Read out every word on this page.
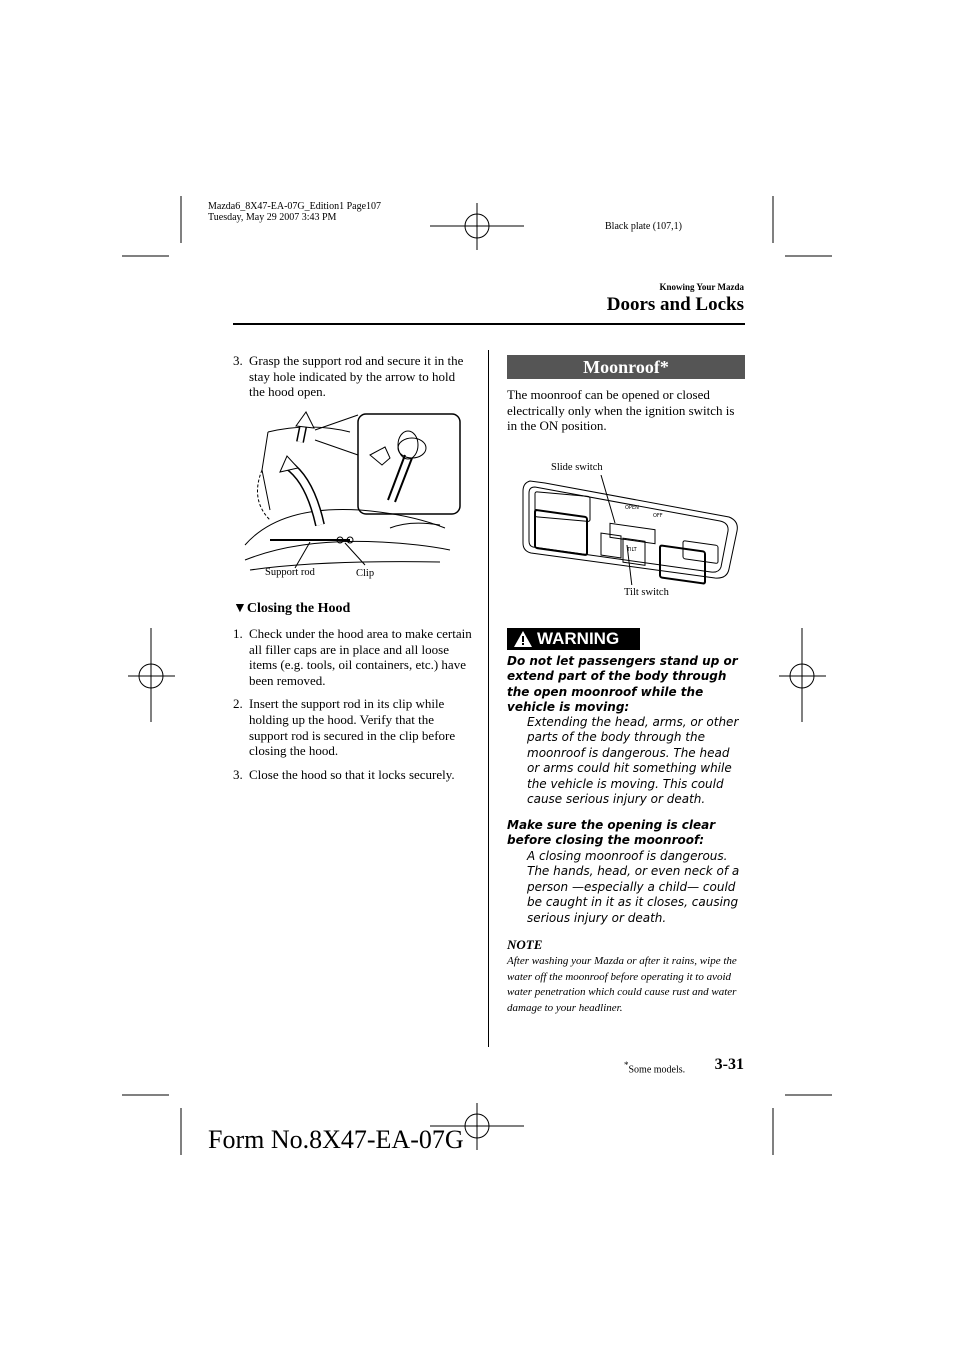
Mazda6_8X47-EA-07G_Edition1 Page107
Tuesday, May 29 2007 3:43 PM
Black plate (107,1)
Knowing Your Mazda
Doors and Locks
3. Grasp the support rod and secure it in the stay hole indicated by the arrow to hold the hood open.
Support rod	Clip
▼Closing the Hood
1. Check under the hood area to make certain all filler caps are in place and all loose items (e.g. tools, oil containers, etc.) have been removed.
2. Insert the support rod in its clip while holding up the hood. Verify that the support rod is secured in the clip before closing the hood.
3. Close the hood so that it locks securely.
Moonroof*
The moonroof can be opened or closed electrically only when the ignition switch is in the ON position.
Slide switch
OPEN
OFF
TILT
Tilt switch
WARNING
Do not let passengers stand up or extend part of the body through the open moonroof while the vehicle is moving:
Extending the head, arms, or other parts of the body through the moonroof is dangerous. The head or arms could hit something while the vehicle is moving. This could cause serious injury or death.
Make sure the opening is clear before closing the moonroof:
A closing moonroof is dangerous. The hands, head, or even neck of a person —especially a child— could be caught in it as it closes, causing serious injury or death.
NOTE
After washing your Mazda or after it rains, wipe the water off the moonroof before operating it to avoid water penetration which could cause rust and water damage to your headliner.
*Some models. 3-31
Form No.8X47-EA-07G
